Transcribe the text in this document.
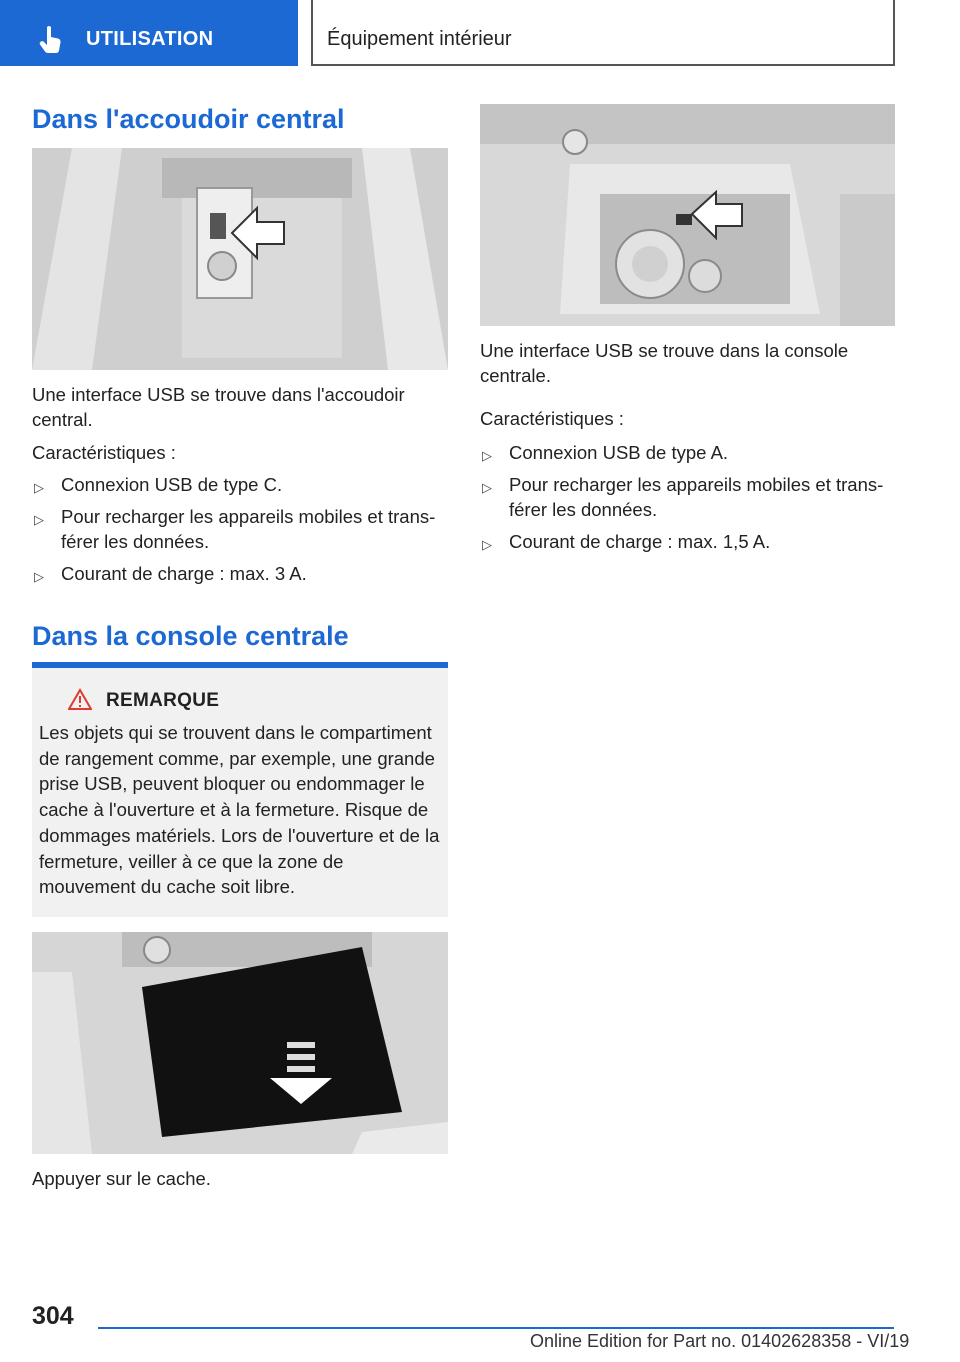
UTILISATION	Équipement intérieur
Dans l'accoudoir central

Une interface USB se trouve dans l'accoudoir central.

Caractéristiques :

▷ Connexion USB de type C.
▷ Pour recharger les appareils mobiles et transférer les données.
▷ Courant de charge : max. 3 A.
Dans la console centrale
REMARQUE

Les objets qui se trouvent dans le compartiment de rangement comme, par exemple, une grande prise USB, peuvent bloquer ou endommager le cache à l'ouverture et à la fermeture. Risque de dommages matériels. Lors de l'ouverture et de la fermeture, veiller à ce que la zone de mouvement du cache soit libre.

Appuyer sur le cache.

Une interface USB se trouve dans la console centrale.

Caractéristiques :

▷ Connexion USB de type A.
▷ Pour recharger les appareils mobiles et transférer les données.
▷ Courant de charge : max. 1,5 A.
304
Online Edition for Part no. 01402628358 - VI/19
